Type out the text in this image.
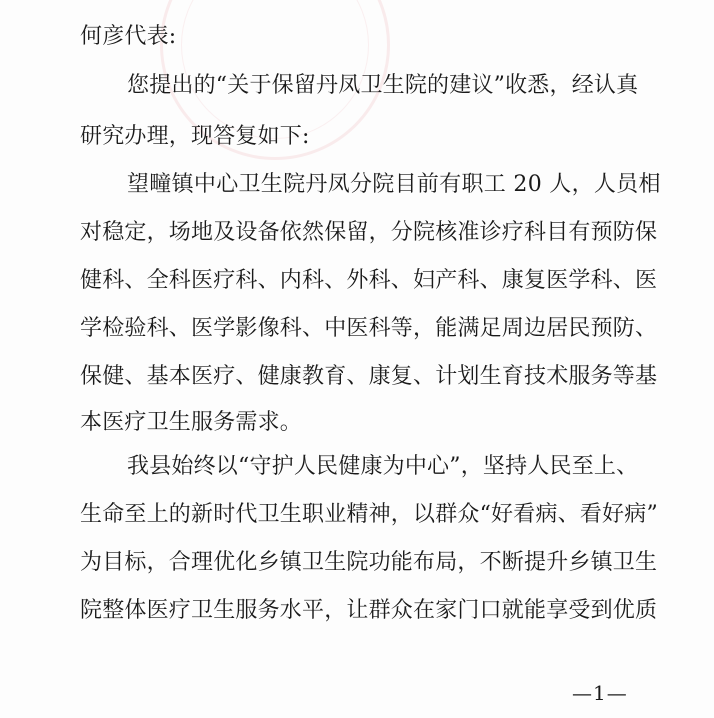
何彦代表:
您提出的“关于保留丹凤卫生院的建议”收悉，经认真
研究办理，现答复如下:
望疃镇中心卫生院丹凤分院目前有职工 20 人，人员相
对稳定，场地及设备依然保留，分院核准诊疗科目有预防保
健科、全科医疗科、内科、外科、妇产科、康复医学科、医
学检验科、医学影像科、中医科等，能满足周边居民预防、
保健、基本医疗、健康教育、康复、计划生育技术服务等基
本医疗卫生服务需求。
我县始终以“守护人民健康为中心”，坚持人民至上、
生命至上的新时代卫生职业精神，以群众“好看病、看好病”
为目标，合理优化乡镇卫生院功能布局，不断提升乡镇卫生
院整体医疗卫生服务水平，让群众在家门口就能享受到优质
—1—
